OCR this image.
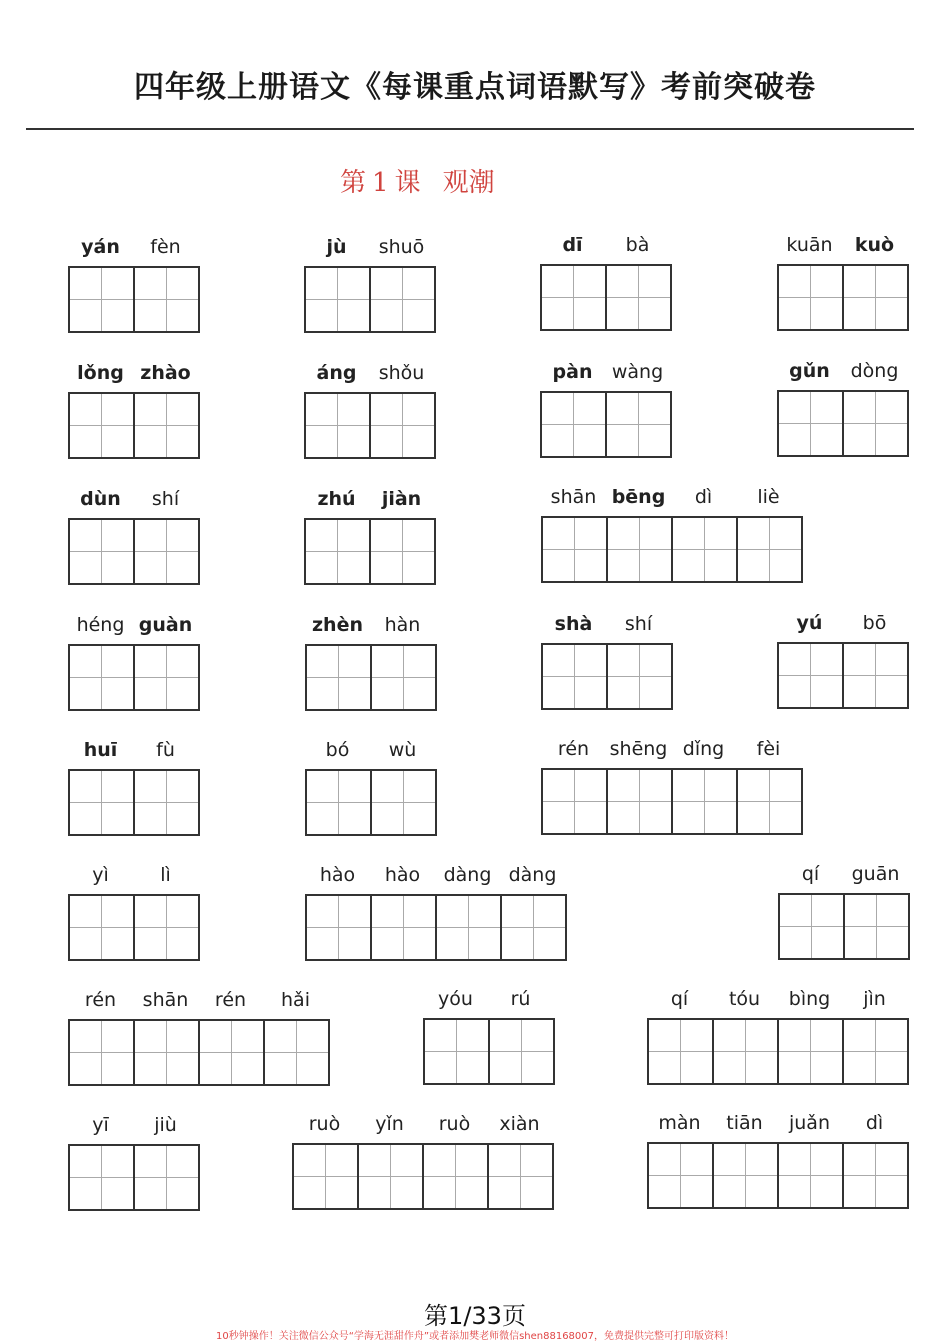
四年级上册语文《每课重点词语默写》考前突破卷
第 1 课 观潮
yán	fèn	jù	shuō	dī	bà	kuān	kuò
lǒng zhào	áng	shǒu	pàn	wàng	gǔn	dòng
dùn	shí	zhú	jiàn	shān bēng	dì	liè
héng guàn	zhèn	hàn	shà	shí	yú	bō
huī	fù	bó	wù	rén	shēng dǐng	fèi
yì	lì	hào	hào	dàng dàng	qí	guān
rén	shān	rén	hǎi	yóu	rú	qí	tóu	bìng	jìn
yī	jiù	ruò	yǐn	ruò	xiàn	màn	tiān	juǎn	dì
第1/33页
10秒钟操作！关注微信公众号“学海无涯甜作舟”或者添加樊老师微信shen88168007，免费提供完整可打印版资料！
